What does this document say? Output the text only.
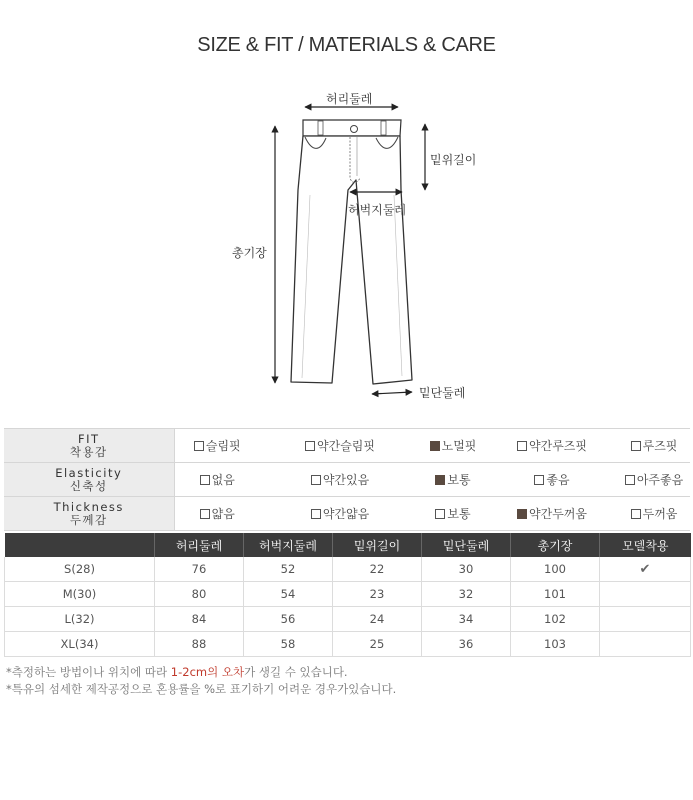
SIZE & FIT / MATERIALS & CARE
허리둘레
밑위길이
허벅지둘레
총기장
밑단둘레
FIT
착용감	슬림핏	약간슬림핏	노멀핏	약간루즈핏	루즈핏

Elasticity
신축성	없음	약간있음	보통	좋음	아주좋음

Thickness
두께감	얇음	약간얇음	보통	약간두꺼움	두꺼움
	허리둘레	허벅지둘레	밑위길이	밑단둘레	총기장	모델착용
S(28)	76	52	22	30	100	✔
M(30)	80	54	23	32	101	
L(32)	84	56	24	34	102	
XL(34)	88	58	25	36	103	
*측정하는 방법이나 위치에 따라 1-2cm의 오차가 생길 수 있습니다.
*특유의 섬세한 제작공정으로 혼용률을 %로 표기하기 어려운 경우가있습니다.
